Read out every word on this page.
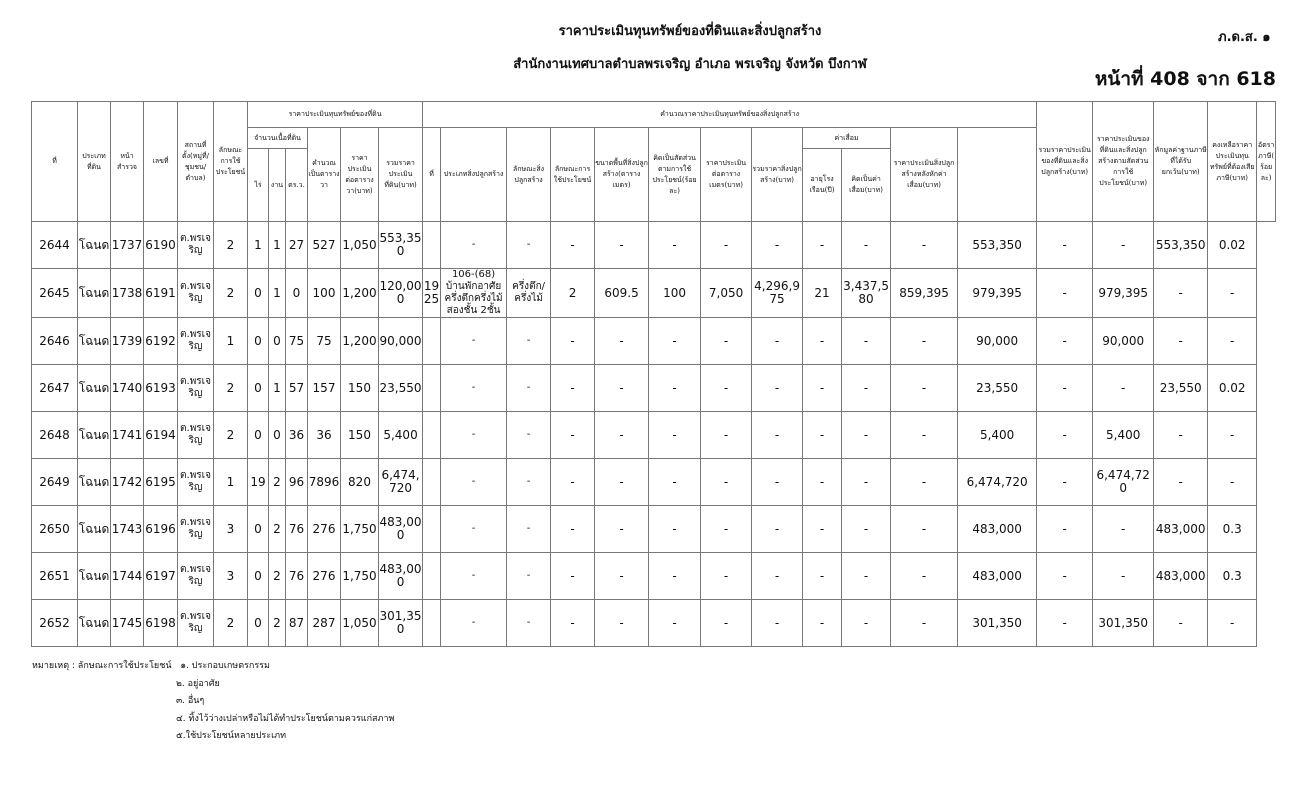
ราคาประเมินทุนทรัพย์ของที่ดินและสิ่งปลูกสร้าง
สำนักงานเทศบาลตำบลพรเจริญ อำเภอ พรเจริญ จังหวัด บึงกาฬ
ภ.ด.ส. ๑
หน้าที่ 408 จาก 618
ที่	ประเภทที่ดิน	หน้าสำรวจ	เลขที่	สถานที่ตั้ง(หมู่ที่/ชุมชน/ตำบล)	ลักษณะการใช้ประโยชน์	ราคาประเมินทุนทรัพย์ของที่ดิน						คำนวณราคาประเมินทุนทรัพย์ของสิ่งปลูกสร้าง												รวมราคาประเมินของที่ดินและสิ่งปลูกสร้าง(บาท)	ราคาประเมินของที่ดินและสิ่งปลูกสร้างตามสัดส่วนการใช้ประโยชน์(บาท)	หักมูลค่าฐานภาษีที่ได้รับยกเว้น(บาท)	คงเหลือราคาประเมินทุนทรัพย์ที่ต้องเสียภาษี(บาท)	อัตราภาษี(ร้อยละ)
						จำนวนเนื้อที่ดิน			คำนวณเป็นตารางวา	ราคาประเมินต่อตารางวา(บาท)	รวมราคาประเมินที่ดิน(บาท)	ที่	ประเภทสิ่งปลูกสร้าง	ลักษณะสิ่งปลูกสร้าง	ลักษณะการใช้ประโยชน์	ขนาดพื้นที่สิ่งปลูกสร้าง(ตารางเมตร)	คิดเป็นสัดส่วนตามการใช้ประโยชน์(ร้อยละ)	ราคาประเมินต่อตารางเมตร(บาท)	รวมราคาสิ่งปลูกสร้าง(บาท)	ค่าเสื่อม		ราคาประเมินสิ่งปลูกสร้างหลังหักค่าเสื่อม(บาท)						
						ไร่	งาน	ตร.ว.												อายุโรงเรือน(ปี)	คิดเป็นค่าเสื่อม(บาท)							
2644	โฉนด	1737	6190	ต.พรเจริญ	2	1	1	27	527	1,050	553,350		-	-	-	-	-	-	-	-	-	-	553,350	-	-	553,350	0.02	
2645	โฉนด	1738	6191	ต.พรเจริญ	2	0	1	0	100	1,200	120,000	1925	106-(68) บ้านพักอาศัยครึ่งตึกครึ่งไม้สองชั้น 2ชั้น	ครึ่งตึก/ครึ่งไม้	2	609.5	100	7,050	4,296,975	21	3,437,580	859,395	979,395	-	979,395	-	-	
2646	โฉนด	1739	6192	ต.พรเจริญ	1	0	0	75	75	1,200	90,000		-	-	-	-	-	-	-	-	-	-	90,000	-	90,000	-	-	
2647	โฉนด	1740	6193	ต.พรเจริญ	2	0	1	57	157	150	23,550		-	-	-	-	-	-	-	-	-	-	23,550	-	-	23,550	0.02	
2648	โฉนด	1741	6194	ต.พรเจริญ	2	0	0	36	36	150	5,400		-	-	-	-	-	-	-	-	-	-	5,400	-	5,400	-	-	
2649	โฉนด	1742	6195	ต.พรเจริญ	1	19	2	96	7896	820	6,474,720		-	-	-	-	-	-	-	-	-	-	6,474,720	-	6,474,720	-	-	
2650	โฉนด	1743	6196	ต.พรเจริญ	3	0	2	76	276	1,750	483,000		-	-	-	-	-	-	-	-	-	-	483,000	-	-	483,000	0.3	
2651	โฉนด	1744	6197	ต.พรเจริญ	3	0	2	76	276	1,750	483,000		-	-	-	-	-	-	-	-	-	-	483,000	-	-	483,000	0.3	
2652	โฉนด	1745	6198	ต.พรเจริญ	2	0	2	87	287	1,050	301,350		-	-	-	-	-	-	-	-	-	-	301,350	-	301,350	-	-	
หมายเหตุ : ลักษณะการใช้ประโยชน์ ๑. ประกอบเกษตรกรรม
๒. อยู่อาศัย
๓. อื่นๆ
๔. ทิ้งไว้ว่างเปล่าหรือไม่ได้ทำประโยชน์ตามควรแก่สภาพ
๕.ใช้ประโยชน์หลายประเภท
